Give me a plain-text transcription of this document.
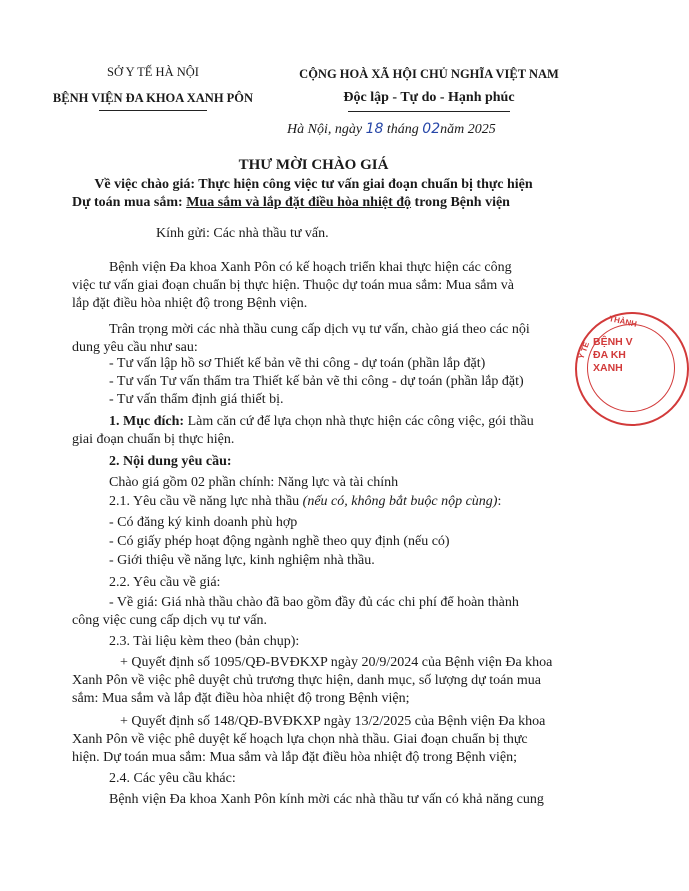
SỞ Y TẾ HÀ NỘI
BỆNH VIỆN ĐA KHOA XANH PÔN
CỘNG HOÀ XÃ HỘI CHỦ NGHĨA VIỆT NAM
Độc lập - Tự do - Hạnh phúc
Hà Nội, ngày 18 tháng 02năm 2025
THƯ MỜI CHÀO GIÁ
Về việc chào giá: Thực hiện công việc tư vấn giai đoạn chuẩn bị thực hiện
Dự toán mua sắm: Mua sắm và lắp đặt điều hòa nhiệt độ trong Bệnh viện
Kính gửi: Các nhà thầu tư vấn.
Bệnh viện Đa khoa Xanh Pôn có kế hoạch triển khai thực hiện các công
việc tư vấn giai đoạn chuẩn bị thực hiện. Thuộc dự toán mua sắm: Mua sắm và
lắp đặt điều hòa nhiệt độ trong Bệnh viện.
Trân trọng mời các nhà thầu cung cấp dịch vụ tư vấn, chào giá theo các nội
dung yêu cầu như sau:
- Tư vấn lập hồ sơ Thiết kế bản vẽ thi công - dự toán (phần lắp đặt)
- Tư vấn Tư vấn thẩm tra Thiết kế bản vẽ thi công - dự toán (phần lắp đặt)
- Tư vấn thẩm định giá thiết bị.
1. Mục đích: Làm căn cứ để lựa chọn nhà thực hiện các công việc, gói thầu
giai đoạn chuẩn bị thực hiện.
2. Nội dung yêu cầu:
Chào giá gồm 02 phần chính: Năng lực và tài chính
2.1. Yêu cầu về năng lực nhà thầu (nếu có, không bắt buộc nộp cùng):
- Có đăng ký kinh doanh phù hợp
- Có giấy phép hoạt động ngành nghề theo quy định (nếu có)
- Giới thiệu về năng lực, kinh nghiệm nhà thầu.
2.2. Yêu cầu về giá:
- Về giá: Giá nhà thầu chào đã bao gồm đầy đủ các chi phí để hoàn thành
công việc cung cấp dịch vụ tư vấn.
2.3. Tài liệu kèm theo (bản chụp):
+ Quyết định số 1095/QĐ-BVĐKXP ngày 20/9/2024 của Bệnh viện Đa khoa
Xanh Pôn về việc phê duyệt chủ trương thực hiện, danh mục, số lượng dự toán mua
sắm: Mua sắm và lắp đặt điều hòa nhiệt độ trong Bệnh viện;
+ Quyết định số 148/QĐ-BVĐKXP ngày 13/2/2025 của Bệnh viện Đa khoa
Xanh Pôn về việc phê duyệt kế hoạch lựa chọn nhà thầu. Giai đoạn chuẩn bị thực
hiện. Dự toán mua sắm: Mua sắm và lắp đặt điều hòa nhiệt độ trong Bệnh viện;
2.4. Các yêu cầu khác:
Bệnh viện Đa khoa Xanh Pôn kính mời các nhà thầu tư vấn có khả năng cung
THÀNH
Y TẾ BỆNH V
ĐA KH
XANH
